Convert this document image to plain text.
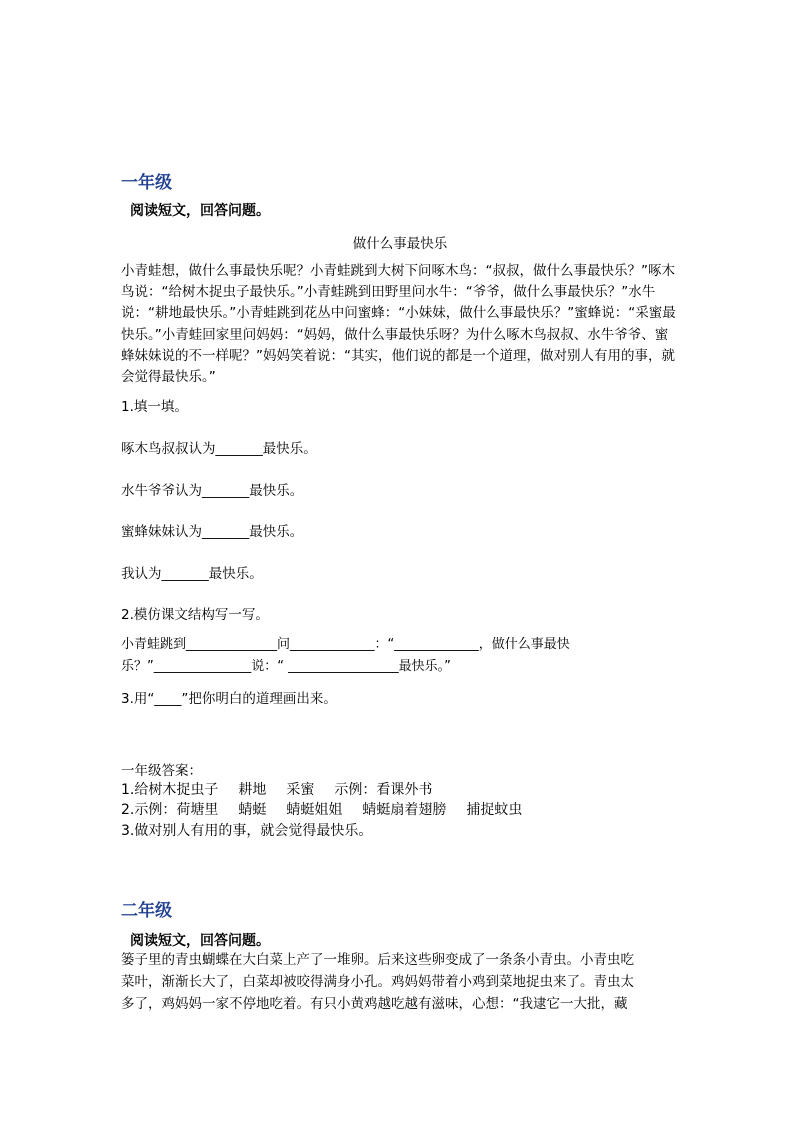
一年级
阅读短文，回答问题。
做什么事最快乐
小青蛙想，做什么事最快乐呢？小青蛙跳到大树下问啄木鸟：“叔叔，做什么事最快乐？”啄木鸟说：“给树木捉虫子最快乐。”小青蛙跳到田野里问水牛：“爷爷，做什么事最快乐？”水牛说：“耕地最快乐。”小青蛙跳到花丛中问蜜蜂：“小妹妹，做什么事最快乐？”蜜蜂说：“采蜜最快乐。”小青蛙回家里问妈妈：“妈妈，做什么事最快乐呀？为什么啄木鸟叔叔、水牛爷爷、蜜蜂妹妹说的不一样呢？”妈妈笑着说：“其实，他们说的都是一个道理，做对别人有用的事，就会觉得最快乐。”
1.填一填。
啄木鸟叔叔认为_______最快乐。
水牛爷爷认为_______最快乐。
蜜蜂妹妹认为_______最快乐。
我认为_______最快乐。
2.模仿课文结构写一写。
小青蛙跳到______________问_____________：“_____________，做什么事最快
乐？”_______________说：“ _________________最快乐。”
3.用“____”把你明白的道理画出来。
一年级答案：
1.给树木捉虫子 耕地 采蜜 示例：看课外书
2.示例：荷塘里 蜻蜓 蜻蜓姐姐 蜻蜓扇着翅膀 捕捉蚊虫
3.做对别人有用的事，就会觉得最快乐。
二年级
阅读短文，回答问题。
篓子里的青虫蝴蝶在大白菜上产了一堆卵。后来这些卵变成了一条条小青虫。小青虫吃
菜叶，渐渐长大了，白菜却被咬得满身小孔。鸡妈妈带着小鸡到菜地捉虫来了。青虫太
多了，鸡妈妈一家不停地吃着。有只小黄鸡越吃越有滋味，心想：“我逮它一大批，藏
